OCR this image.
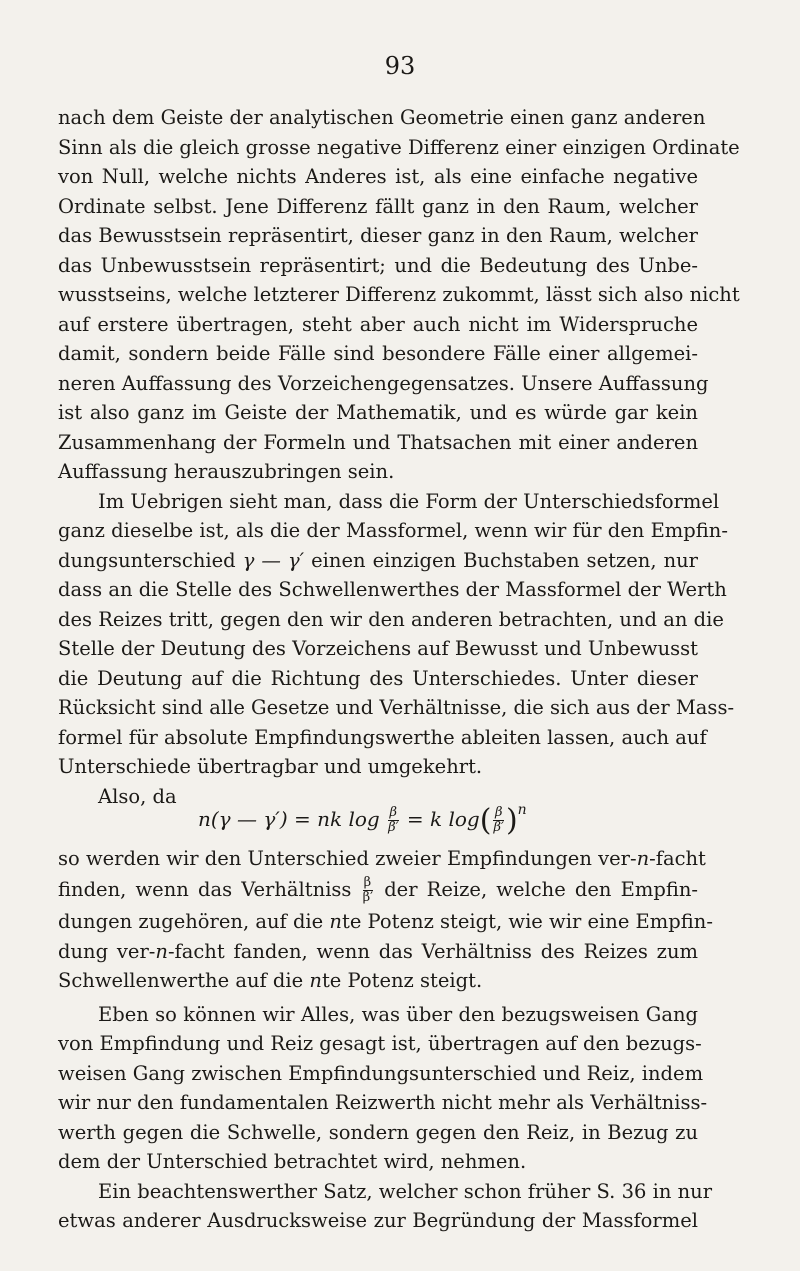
93
nach dem Geiste der analytischen Geometrie einen ganz anderen
Sinn als die gleich grosse negative Differenz einer einzigen Ordinate
von Null, welche nichts Anderes ist, als eine einfache negative
Ordinate selbst. Jene Differenz fällt ganz in den Raum, welcher
das Bewusstsein repräsentirt, dieser ganz in den Raum, welcher
das Unbewusstsein repräsentirt; und die Bedeutung des Unbe-
wusstseins, welche letzterer Differenz zukommt, lässt sich also nicht
auf erstere übertragen, steht aber auch nicht im Widerspruche
damit, sondern beide Fälle sind besondere Fälle einer allgemei-
neren Auffassung des Vorzeichengegensatzes. Unsere Auffassung
ist also ganz im Geiste der Mathematik, und es würde gar kein
Zusammenhang der Formeln und Thatsachen mit einer anderen
Auffassung herauszubringen sein.
Im Uebrigen sieht man, dass die Form der Unterschiedsformel
ganz dieselbe ist, als die der Massformel, wenn wir für den Empfin-
dungsunterschied γ — γ′ einen einzigen Buchstaben setzen, nur
dass an die Stelle des Schwellenwerthes der Massformel der Werth
des Reizes tritt, gegen den wir den anderen betrachten, und an die
Stelle der Deutung des Vorzeichens auf Bewusst und Unbewusst
die Deutung auf die Richtung des Unterschiedes. Unter dieser
Rücksicht sind alle Gesetze und Verhältnisse, die sich aus der Mass-
formel für absolute Empfindungswerthe ableiten lassen, auch auf
Unterschiede übertragbar und umgekehrt.
Also, da
n(γ — γ′) = nk $\log \frac{\beta}{\beta'} = k$ $\log( \frac{\beta}{\beta'} )^n$
so werden wir den Unterschied zweier Empfindungen ver-n-facht
finden, wenn das Verhältniss $\frac{\beta}{\beta'}$ der Reize, welche den Empfin-
dungen zugehören, auf die nte Potenz steigt, wie wir eine Empfin-
dung ver-n-facht fanden, wenn das Verhältniss des Reizes zum
Schwellenwerthe auf die nte Potenz steigt.
Eben so können wir Alles, was über den bezugsweisen Gang
von Empfindung und Reiz gesagt ist, übertragen auf den bezugs-
weisen Gang zwischen Empfindungsunterschied und Reiz, indem
wir nur den fundamentalen Reizwerth nicht mehr als Verhältniss-
werth gegen die Schwelle, sondern gegen den Reiz, in Bezug zu
dem der Unterschied betrachtet wird, nehmen.
Ein beachtenswerther Satz, welcher schon früher S. 36 in nur
etwas anderer Ausdrucksweise zur Begründung der Massformel
